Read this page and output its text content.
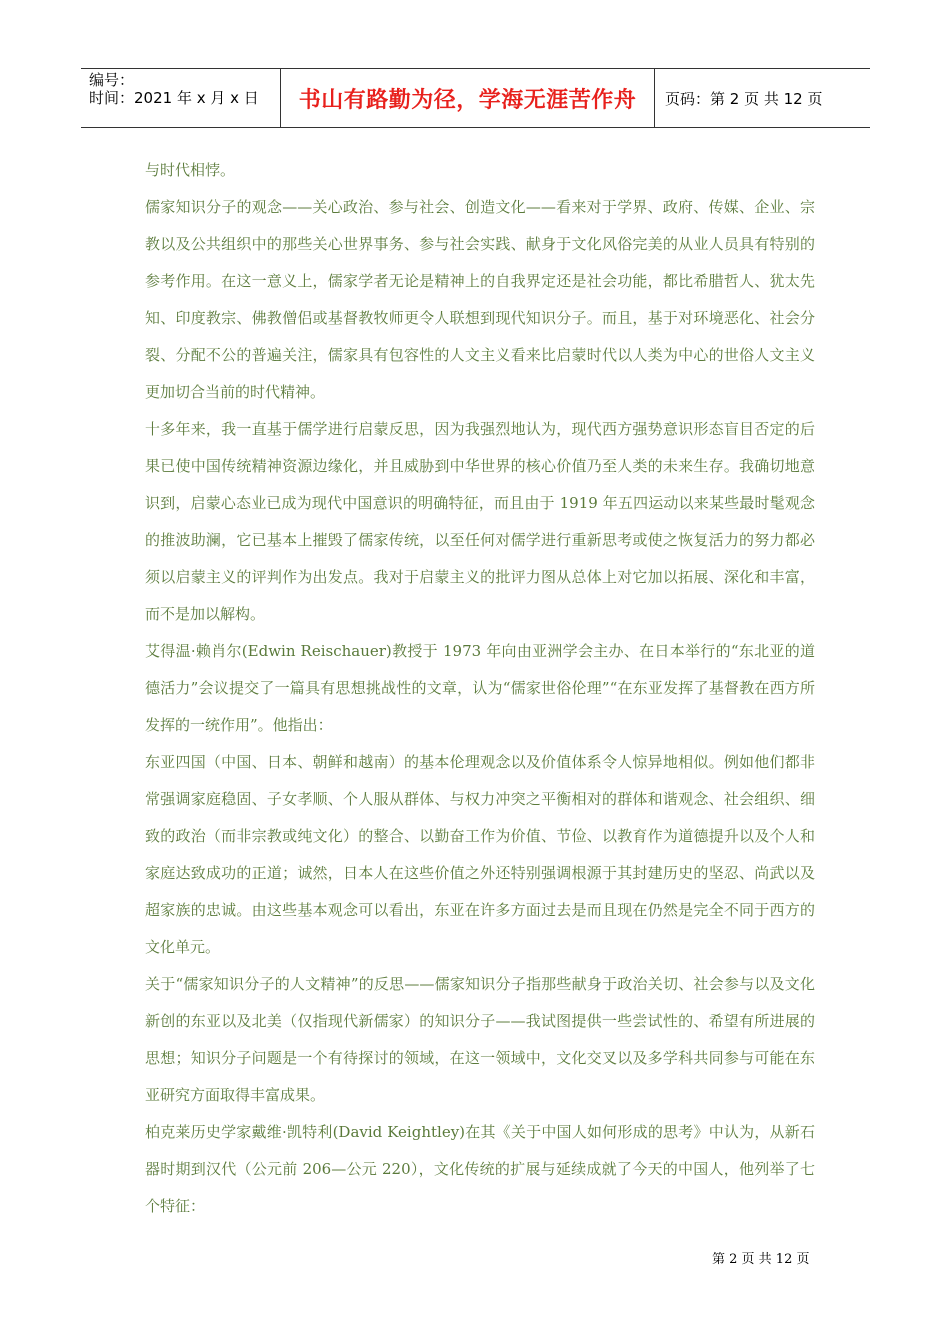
编号：
时间：2021 年 x 月 x 日	书山有路勤为径，学海无涯苦作舟 页码：第 2 页 共 12 页

与时代相悖。

儒家知识分子的观念——关心政治、参与社会、创造文化——看来对于学界、政府、传媒、企业、宗教以及公共组织中的那些关心世界事务、参与社会实践、献身于文化风俗完美的从业人员具有特别的参考作用。在这一意义上，儒家学者无论是精神上的自我界定还是社会功能，都比希腊哲人、犹太先知、印度教宗、佛教僧侣或基督教牧师更令人联想到现代知识分子。而且，基于对环境恶化、社会分裂、分配不公的普遍关注，儒家具有包容性的人文主义看来比启蒙时代以人类为中心的世俗人文主义更加切合当前的时代精神。

十多年来，我一直基于儒学进行启蒙反思，因为我强烈地认为，现代西方强势意识形态盲目否定的后果已使中国传统精神资源边缘化，并且威胁到中华世界的核心价值乃至人类的未来生存。我确切地意识到，启蒙心态业已成为现代中国意识的明确特征，而且由于 1919 年五四运动以来某些最时髦观念的推波助澜，它已基本上摧毁了儒家传统，以至任何对儒学进行重新思考或使之恢复活力的努力都必须以启蒙主义的评判作为出发点。我对于启蒙主义的批评力图从总体上对它加以拓展、深化和丰富，而不是加以解构。

艾得温·赖肖尔(Edwin Reischauer)教授于 1973 年向由亚洲学会主办、在日本举行的“东北亚的道德活力”会议提交了一篇具有思想挑战性的文章，认为“儒家世俗伦理”“在东亚发挥了基督教在西方所发挥的一统作用”。他指出：

东亚四国（中国、日本、朝鲜和越南）的基本伦理观念以及价值体系令人惊异地相似。例如他们都非常强调家庭稳固、子女孝顺、个人服从群体、与权力冲突之平衡相对的群体和谐观念、社会组织、细致的政治（而非宗教或纯文化）的整合、以勤奋工作为价值、节俭、以教育作为道德提升以及个人和家庭达致成功的正道；诚然，日本人在这些价值之外还特别强调根源于其封建历史的坚忍、尚武以及超家族的忠诚。由这些基本观念可以看出，东亚在许多方面过去是而且现在仍然是完全不同于西方的文化单元。

关于“儒家知识分子的人文精神”的反思——儒家知识分子指那些献身于政治关切、社会参与以及文化新创的东亚以及北美（仅指现代新儒家）的知识分子——我试图提供一些尝试性的、希望有所进展的思想；知识分子问题是一个有待探讨的领域，在这一领域中，文化交叉以及多学科共同参与可能在东亚研究方面取得丰富成果。

柏克莱历史学家戴维·凯特利(David Keightley)在其《关于中国人如何形成的思考》中认为，从新石器时期到汉代（公元前 206—公元 220），文化传统的扩展与延续成就了今天的中国人，他列举了七个特征：

第 2 页 共 12 页
